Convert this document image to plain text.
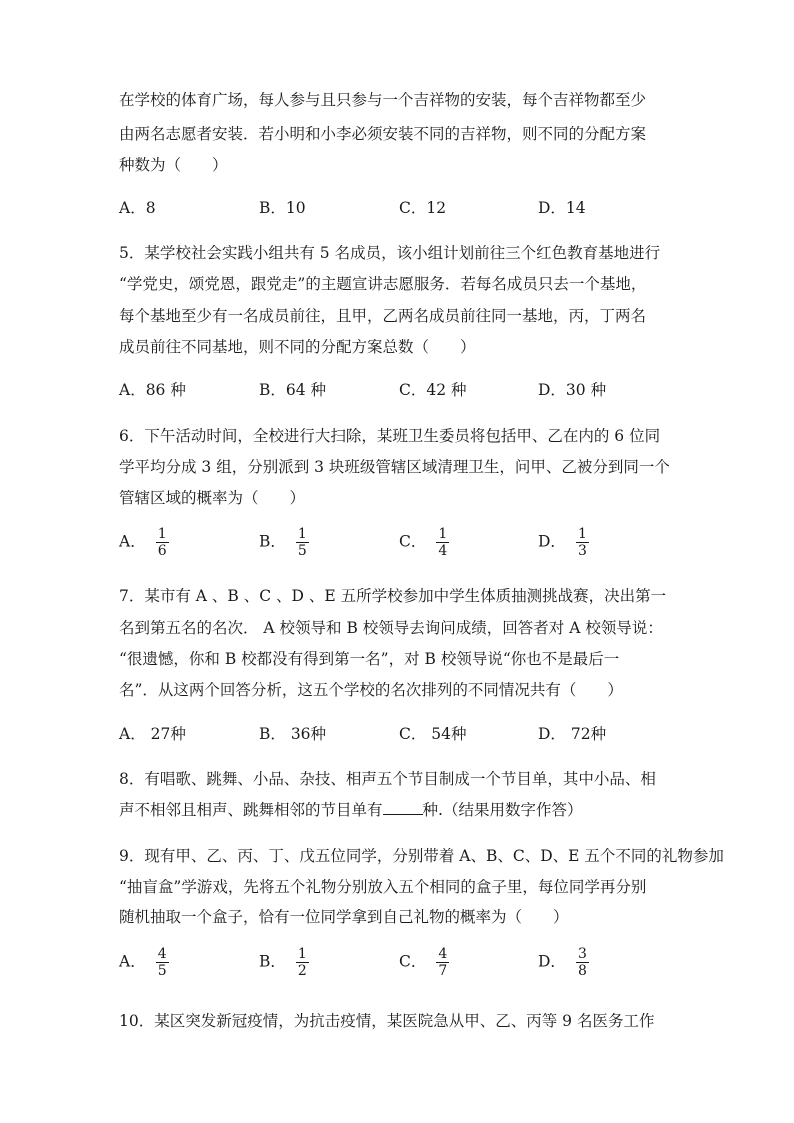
在学校的体育广场，每人参与且只参与一个吉祥物的安装，每个吉祥物都至少
由两名志愿者安装．若小明和小李必须安装不同的吉祥物，则不同的分配方案
种数为（　　）
A．8	B．10	C．12	D．14
5．某学校社会实践小组共有 5 名成员，该小组计划前往三个红色教育基地进行
“学党史，颂党恩，跟党走”的主题宣讲志愿服务．若每名成员只去一个基地，
每个基地至少有一名成员前往，且甲，乙两名成员前往同一基地，丙，丁两名
成员前往不同基地，则不同的分配方案总数（　　）
A．86 种	B．64 种	C．42 种	D．30 种
6．下午活动时间，全校进行大扫除，某班卫生委员将包括甲、乙在内的 6 位同
学平均分成 3 组，分别派到 3 块班级管辖区域清理卫生，问甲、乙被分到同一个
管辖区域的概率为（　　）
A． $\frac{1}{6}$	B． $\frac{1}{5}$	C． $\frac{1}{4}$	D． $\frac{1}{3}$
7．某市有 A 、B 、C 、D 、E 五所学校参加中学生体质抽测挑战赛，决出第一
名到第五名的名次． A 校领导和 B 校领导去询问成绩，回答者对 A 校领导说：
“很遗憾，你和 B 校都没有得到第一名”，对 B 校领导说“你也不是最后一
名”．从这两个回答分析，这五个学校的名次排列的不同情况共有（　　）
A． 27种	B． 36种	C． 54种	D． 72种
8．有唱歌、跳舞、小品、杂技、相声五个节目制成一个节目单，其中小品、相
声不相邻且相声、跳舞相邻的节目单有	种.（结果用数字作答）
9．现有甲、乙、丙、丁、戊五位同学，分别带着 A、B、C、D、E 五个不同的礼物参加
“抽盲盒”学游戏，先将五个礼物分别放入五个相同的盒子里，每位同学再分别
随机抽取一个盒子，恰有一位同学拿到自己礼物的概率为（　　）
A． $\frac{4}{5}$	B． $\frac{1}{2}$	C． $\frac{4}{7}$	D． $\frac{3}{8}$
10．某区突发新冠疫情，为抗击疫情，某医院急从甲、乙、丙等 9 名医务工作
